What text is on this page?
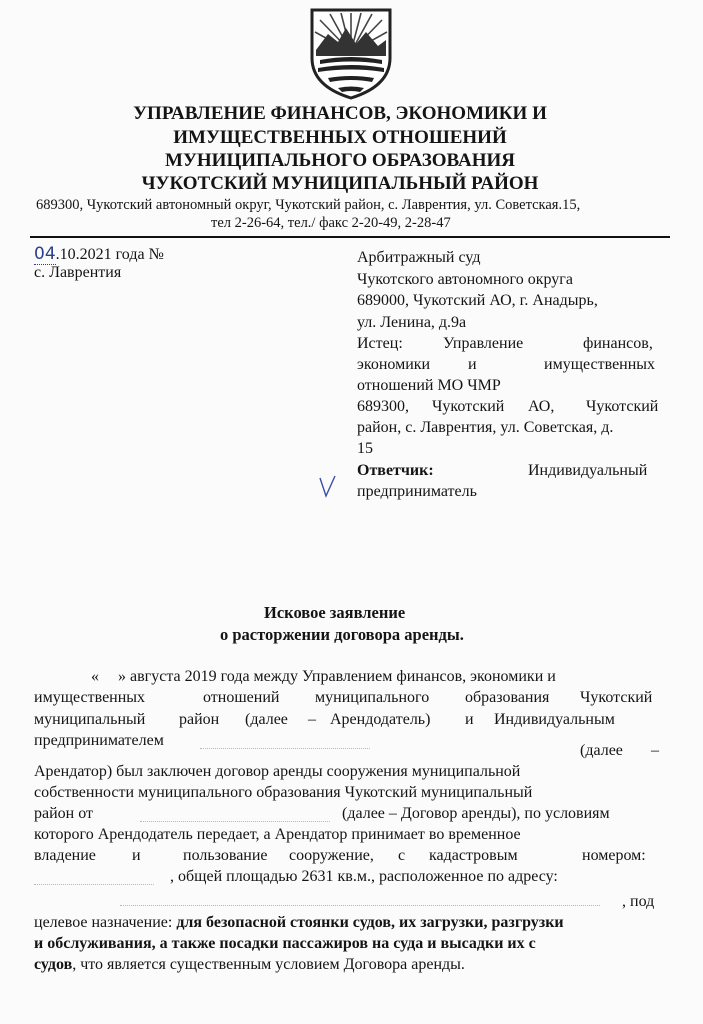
УПРАВЛЕНИЕ ФИНАНСОВ, ЭКОНОМИКИ И
ИМУЩЕСТВЕННЫХ ОТНОШЕНИЙ
МУНИЦИПАЛЬНОГО ОБРАЗОВАНИЯ
ЧУКОТСКИЙ МУНИЦИПАЛЬНЫЙ РАЙОН
689300, Чукотский автономный округ, Чукотский район, с. Лаврентия, ул. Советская.15,
тел 2-26-64, тел./ факс 2-20-49, 2-28-47
04.10.2021 года №
с. Лаврентия
Арбитражный суд
Чукотского автономного округа
689000, Чукотский АО, г. Анадырь,
ул. Ленина, д.9а
Истец:	Управление	финансов,
экономики и	имущественных
отношений МО ЧМР
689300, Чукотский АО, Чукотский
район, с. Лаврентия, ул. Советская, д.
15
Ответчик:	Индивидуальный
предприниматель
Исковое заявление
о расторжении договора аренды.
« » августа 2019 года между Управлением финансов, экономики и
имущественных	отношений муниципального образования Чукотский
муниципальный район (далее – Арендодатель) и Индивидуальным
предпринимателем
(далее –
Арендатор) был заключен договор аренды сооружения муниципальной
собственности муниципального образования Чукотский муниципальный
район от	(далее – Договор аренды), по условиям
которого Арендодатель передает, а Арендатор принимает во временное
владение и	пользование сооружение, с кадастровым	номером:
, общей площадью 2631 кв.м., расположенное по адресу:
, под
целевое назначение: для безопасной стоянки судов, их загрузки, разгрузки
и обслуживания, а также посадки пассажиров на суда и высадки их с
судов, что является существенным условием Договора аренды.
